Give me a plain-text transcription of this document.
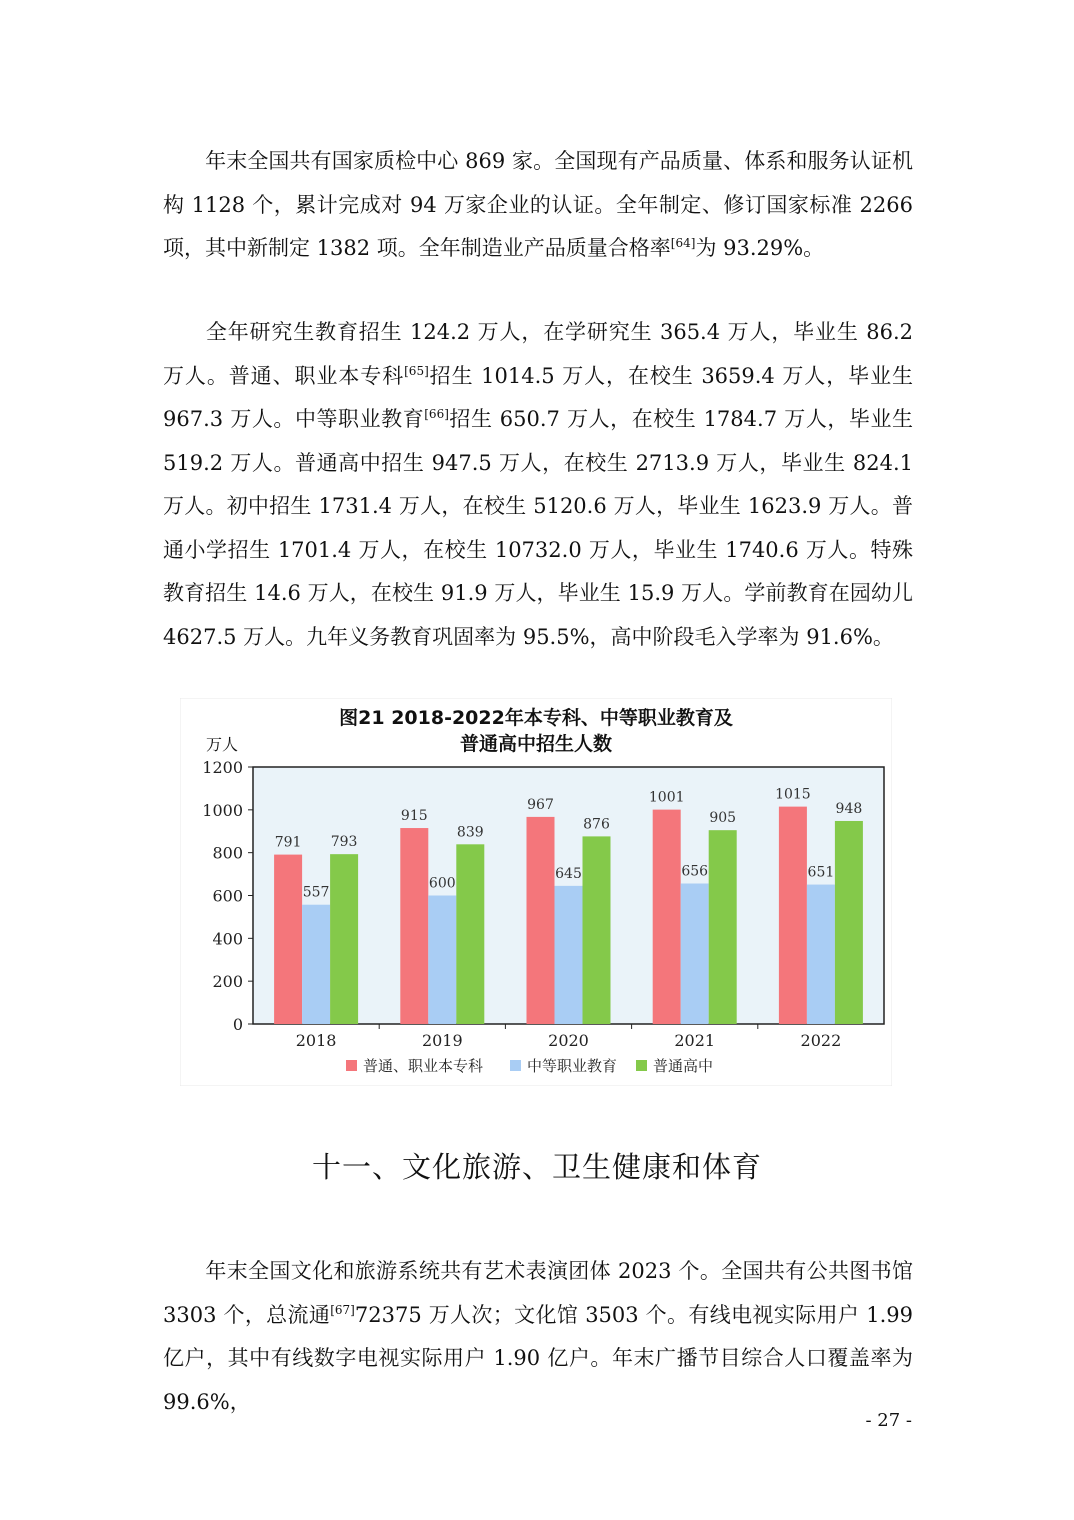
年末全国共有国家质检中心 869 家。全国现有产品质量、体系和服务认证机构 1128 个，累计完成对 94 万家企业的认证。全年制定、修订国家标准 2266 项，其中新制定 1382 项。全年制造业产品质量合格率[64]为 93.29%。

全年研究生教育招生 124.2 万人，在学研究生 365.4 万人，毕业生 86.2 万人。普通、职业本专科[65]招生 1014.5 万人，在校生 3659.4 万人，毕业生 967.3 万人。中等职业教育[66]招生 650.7 万人，在校生 1784.7 万人，毕业生 519.2 万人。普通高中招生 947.5 万人，在校生 2713.9 万人，毕业生 824.1 万人。初中招生 1731.4 万人，在校生 5120.6 万人，毕业生 1623.9 万人。普通小学招生 1701.4 万人，在校生 10732.0 万人，毕业生 1740.6 万人。特殊教育招生 14.6 万人，在校生 91.9 万人，毕业生 15.9 万人。学前教育在园幼儿 4627.5 万人。九年义务教育巩固率为 95.5%，高中阶段毛入学率为 91.6%。

图21 2018-2022年本专科、中等职业教育及
普通高中招生人数
万人
0
200
400
600
800
1000
1200
791
557
793
915
600
839
967
645
876
1001
656
905
1015
651
948
2018	2019	2020	2021	2022
普通、职业本专科	中等职业教育 普通高中
十一、文化旅游、卫生健康和体育

年末全国文化和旅游系统共有艺术表演团体 2023 个。全国共有公共图书馆 3303 个，总流通[67]72375 万人次；文化馆 3503 个。有线电视实际用户 1.99 亿户，其中有线数字电视实际用户 1.90 亿户。年末广播节目综合人口覆盖率为 99.6%，

- 27 -
